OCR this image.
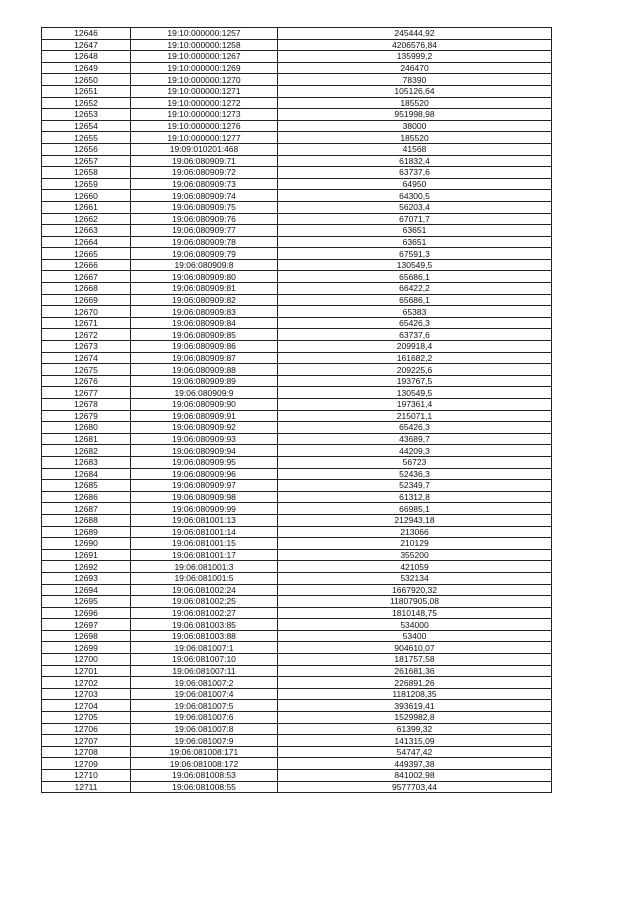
12646	19:10:000000:1257	245444,92
12647	19:10:000000:1258	4206576,84
12648	19:10:000000:1267	135999,2
12649	19:10:000000:1269	246470
12650	19:10:000000:1270	78390
12651	19:10:000000:1271	105126,64
12652	19:10:000000:1272	185520
12653	19:10:000000:1273	951998,98
12654	19:10:000000:1276	38000
12655	19:10:000000:1277	185520
12656	19:09:010201:468	41568
12657	19:06:080909:71	61832,4
12658	19:06:080909:72	63737,6
12659	19:06:080909:73	64950
12660	19:06:080909:74	64300,5
12661	19:06:080909:75	56203,4
12662	19:06:080909:76	67071,7
12663	19:06:080909:77	63651
12664	19:06:080909:78	63651
12665	19:06:080909:79	67591,3
12666	19:06:080909:8	130549,5
12667	19:06:080909:80	65686,1
12668	19:06:080909:81	66422,2
12669	19:06:080909:82	65686,1
12670	19:06:080909:83	65383
12671	19:06:080909:84	65426,3
12672	19:06:080909:85	63737,6
12673	19:06:080909:86	209918,4
12674	19:06:080909:87	161682,2
12675	19:06:080909:88	209225,6
12676	19:06:080909:89	193767,5
12677	19:06:080909:9	130549,5
12678	19:06:080909:90	197361,4
12679	19:06:080909:91	215071,1
12680	19:06:080909:92	65426,3
12681	19:06:080909:93	43689,7
12682	19:06:080909:94	44209,3
12683	19:06:080909:95	56723
12684	19:06:080909:96	52436,3
12685	19:06:080909:97	52349,7
12686	19:06:080909:98	61312,8
12687	19:06:080909:99	66985,1
12688	19:06:081001:13	212943,18
12689	19:06:081001:14	213066
12690	19:06:081001:15	210129
12691	19:06:081001:17	355200
12692	19:06:081001:3	421059
12693	19:06:081001:5	532134
12694	19:06:081002:24	1667920,32
12695	19:06:081002:25	11807905,08
12696	19:06:081002:27	1810148,75
12697	19:06:081003:85	534000
12698	19:06:081003:88	53400
12699	19:06:081007:1	904610,07
12700	19:06:081007:10	181757,58
12701	19:06:081007:11	261681,36
12702	19:06:081007:2	226891,26
12703	19:06:081007:4	1181208,35
12704	19:06:081007:5	393619,41
12705	19:06:081007:6	1529982,8
12706	19:06:081007:8	61399,32
12707	19:06:081007:9	141315,09
12708	19:06:081008:171	54747,42
12709	19:06:081008:172	449397,38
12710	19:06:081008:53	841002,98
12711	19:06:081008:55	9577703,44
